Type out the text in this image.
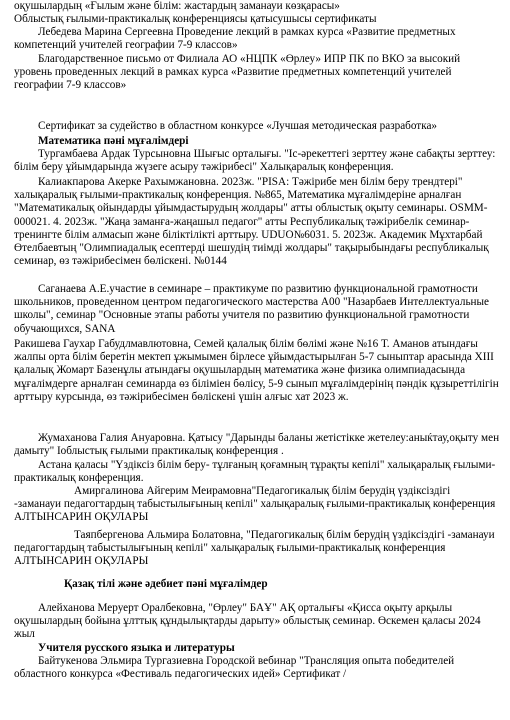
оқушылардың «Ғылым және білім: жастардың заманауи көзқарасы»

Облыстық ғылыми-практикалық конференциясы қатысушысы сертификаты

Лебедева Марина Сергеевна Проведение лекций в рамках курса «Развитие предметных компетенций учителей географии 7-9 классов»

Благодарственное письмо от Филиала АО «НЦПК «Өрлеу» ИПР ПК по ВКО за высокий уровень проведенных лекций в рамках курса «Развитие предметных компетенций учителей географии 7-9 классов»

Сертификат за судейство в областном конкурсе «Лучшая методическая разработка»

Математика пәні мұғалімдері

Тургамбаева Ардак Турсыновна Шығыс орталығы. "Іс-әрекеттегі зерттеу және сабақты зерттеу: білім беру ұйымдарында жүзеге асыру тәжірибесі" Халықаралық конференция.

Калиакпарова Акерке Рахымжановна. 2023ж. "PISA: Тәжірибе мен білім беру трендтері" халықаралық ғылыми-практикалық конференция. №865, Математика мұғалімдеріне арналған "Математикалық ойындарды ұйымдастырудың жолдары" атты облыстық оқыту семинары. OSMM-000021. 4. 2023ж. "Жаңа заманға-жаңашыл педагог" атты Республикалық тәжірибелік семинар-тренингте білім алмасып және біліктілікті арттыру. UDUO№6031. 5. 2023ж. Академик Мұхтарбай Өтелбаевтың "Олимпиадалық есептерді шешудің тиімді жолдары" тақырыбындағы республикалық семинар, өз тәжірибесімен бөліскені. №0144

Саганаева А.Е.участие в семинаре – практикуме по развитию функциональной грамотности школьников, проведенном центром педагогического мастерства А00 "Назарбаев Интеллектуальные школы", семинар "Основные этапы работы учителя по развитию функциональной грамотности обучающихся, SANA

Ракишева Гаухар Габудлмавлютовна, Семей қалалық білім бөлімі және №16 Т. Аманов атындағы жалпы орта білім беретін мектеп ұжымымен бірлесе ұйымдастырылған 5-7 сыныптар арасында ХІІІ қалалық Жомарт Базенұлы атындағы оқушылардың математика және физика олимпиадасында мұғалімдерге арналған семинарда өз біліміен бөлісу, 5-9 сынып мұғалімдерінің пәндік құзыреттілігін арттыру курсында, өз тәжірибесімен бөліскені үшін алғыс хат 2023 ж.

Жумаханова Галия Ануаровна. Қатысу "Дарынды баланы жетістікке жетелеу:аныќтау,оқыту мен дамыту" Іоблыстық ғылыми практикалық конференция .

Астана қаласы "Үздіксіз білім беру- тұлғаның қоғамның тұрақты кепілі" халықаралық ғылыми-практикалық конференция.

Амиргалинова Айгерим Меирамовна"Педагогикалық білім берудің үздіксіздігі -заманауи педагогтардың табыстылығының кепілі" халықаралық ғылыми-практикалық конференция АЛТЫНСАРИН ОҚУЛАРЫ

Таяпбергенова Альмира Болатовна, "Педагогикалық білім берудің үздіксіздігі -заманауи педагогтардың табыстылығының кепілі" халықаралық ғылыми-практикалық конференция АЛТЫНСАРИН ОҚУЛАРЫ

Қазақ тілі және әдебиет пәні мұғалімдер

Алейханова Меруерт Оралбековна, "Өрлеу" БАҰ" АҚ орталығы «Қисса оқыту арқылы оқушылардың бойына ұлттық құндылықтарды дарыту» облыстық семинар. Өскемен қаласы 2024 жыл

Учителя русского языка и литературы

Байтукенова Эльмира Тургазиевна Городской вебинар "Трансляция опыта победителей областного конкурса «Фестиваль педагогических идей» Сертификат /
